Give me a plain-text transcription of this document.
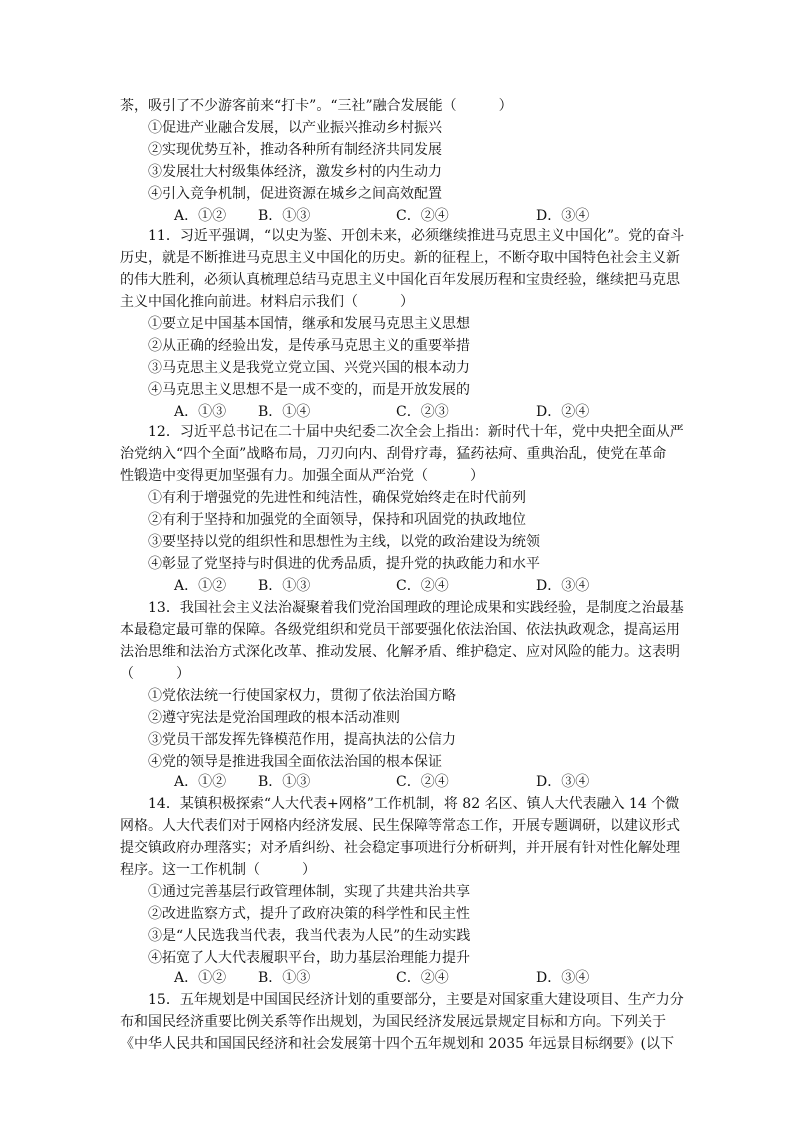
茶，吸引了不少游客前来“打卡”。“三社”融合发展能（　　　）
①促进产业融合发展，以产业振兴推动乡村振兴
②实现优势互补，推动各种所有制经济共同发展
③发展壮大村级集体经济，激发乡村的内生动力
④引入竞争机制，促进资源在城乡之间高效配置
A．①② B．①③	C．②④	D．③④
11．习近平强调，“以史为鉴、开创未来，必须继续推进马克思主义中国化”。党的奋斗
历史，就是不断推进马克思主义中国化的历史。新的征程上，不断夺取中国特色社会主义新
的伟大胜利，必须认真梳理总结马克思主义中国化百年发展历程和宝贵经验，继续把马克思
主义中国化推向前进。材料启示我们（　　　）
①要立足中国基本国情，继承和发展马克思主义思想
②从正确的经验出发，是传承马克思主义的重要举措
③马克思主义是我党立党立国、兴党兴国的根本动力
④马克思主义思想不是一成不变的，而是开放发展的
A．①③ B．①④	C．②③	D．②④
12．习近平总书记在二十届中央纪委二次全会上指出：新时代十年，党中央把全面从严
治党纳入“四个全面”战略布局，刀刃向内、刮骨疗毒，猛药祛疴、重典治乱，使党在革命
性锻造中变得更加坚强有力。加强全面从严治党（　　　）
①有利于增强党的先进性和纯洁性，确保党始终走在时代前列
②有利于坚持和加强党的全面领导，保持和巩固党的执政地位
③要坚持以党的组织性和思想性为主线，以党的政治建设为统领
④彰显了党坚持与时俱进的优秀品质，提升党的执政能力和水平
A．①② B．①③	C．②④	D．③④
13．我国社会主义法治凝聚着我们党治国理政的理论成果和实践经验，是制度之治最基
本最稳定最可靠的保障。各级党组织和党员干部要强化依法治国、依法执政观念，提高运用
法治思维和法治方式深化改革、推动发展、化解矛盾、维护稳定、应对风险的能力。这表明
（　　　）
①党依法统一行使国家权力，贯彻了依法治国方略
②遵守宪法是党治国理政的根本活动准则
③党员干部发挥先锋模范作用，提高执法的公信力
④党的领导是推进我国全面依法治国的根本保证
A．①② B．①③	C．②④	D．③④
14．某镇积极探索“人大代表+网格”工作机制，将 82 名区、镇人大代表融入 14 个微
网格。人大代表们对于网格内经济发展、民生保障等常态工作，开展专题调研，以建议形式
提交镇政府办理落实；对矛盾纠纷、社会稳定事项进行分析研判，并开展有针对性化解处理
程序。这一工作机制（　　　）
①通过完善基层行政管理体制，实现了共建共治共享
②改进监察方式，提升了政府决策的科学性和民主性
③是“人民选我当代表，我当代表为人民”的生动实践
④拓宽了人大代表履职平台，助力基层治理能力提升
A．①② B．①③	C．②④	D．③④
15．五年规划是中国国民经济计划的重要部分，主要是对国家重大建设项目、生产力分
布和国民经济重要比例关系等作出规划，为国民经济发展远景规定目标和方向。下列关于
《中华人民共和国国民经济和社会发展第十四个五年规划和 2035 年远景目标纲要》(以下
